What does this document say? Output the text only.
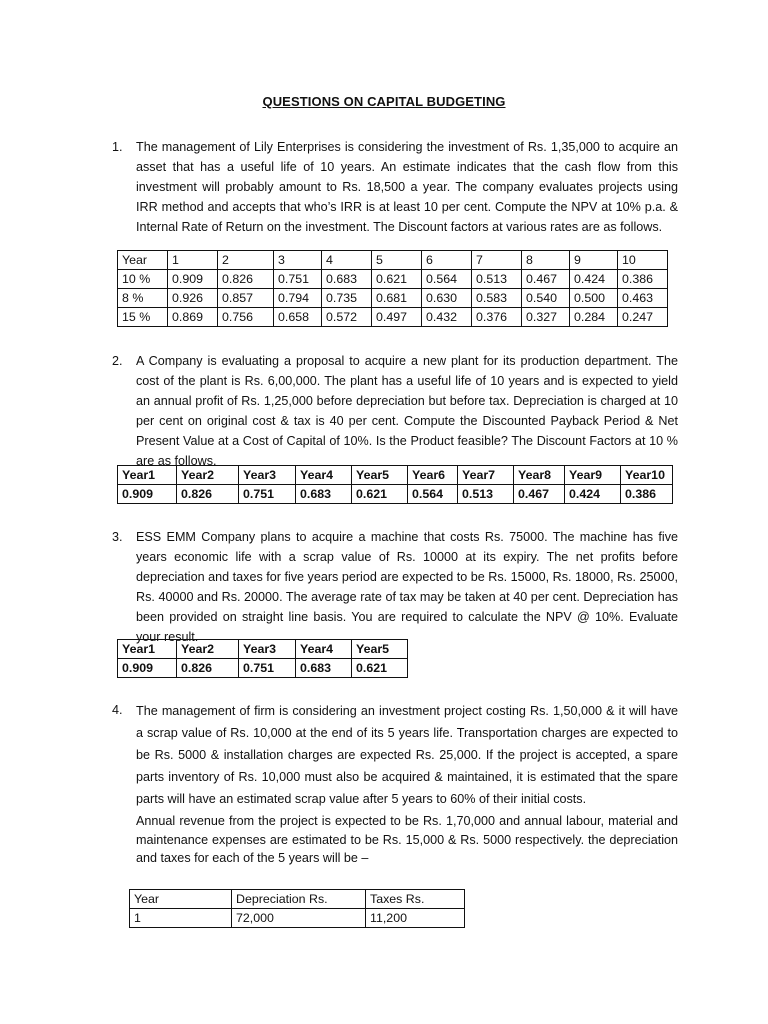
QUESTIONS ON CAPITAL BUDGETING
1.	The management of Lily Enterprises is considering the investment of Rs. 1,35,000 to acquire an asset that has a useful life of 10 years. An estimate indicates that the cash flow from this investment will probably amount to Rs. 18,500 a year. The company evaluates projects using IRR method and accepts that who’s IRR is at least 10 per cent. Compute the NPV at 10% p.a. & Internal Rate of Return on the investment. The Discount factors at various rates are as follows.

Year	1	2	3	4	5	6	7	8	9	10
10 %	0.909	0.826	0.751	0.683	0.621	0.564	0.513	0.467	0.424	0.386
8 %	0.926	0.857	0.794	0.735	0.681	0.630	0.583	0.540	0.500	0.463
15 %	0.869	0.756	0.658	0.572	0.497	0.432	0.376	0.327	0.284	0.247
2.	A Company is evaluating a proposal to acquire a new plant for its production department. The cost of the plant is Rs. 6,00,000. The plant has a useful life of 10 years and is expected to yield an annual profit of Rs. 1,25,000 before depreciation but before tax. Depreciation is charged at 10 per cent on original cost & tax is 40 per cent. Compute the Discounted Payback Period & Net Present Value at a Cost of Capital of 10%. Is the Product feasible? The Discount Factors at 10 % are as follows.

Year1	Year2	Year3	Year4	Year5	Year6	Year7	Year8	Year9	Year10
0.909	0.826	0.751	0.683	0.621	0.564	0.513	0.467	0.424	0.386
3.	ESS EMM Company plans to acquire a machine that costs Rs. 75000. The machine has five years economic life with a scrap value of Rs. 10000 at its expiry. The net profits before depreciation and taxes for five years period are expected to be Rs. 15000, Rs. 18000, Rs. 25000, Rs. 40000 and Rs. 20000. The average rate of tax may be taken at 40 per cent. Depreciation has been provided on straight line basis. You are required to calculate the NPV @ 10%. Evaluate your result.

Year1	Year2	Year3	Year4	Year5
0.909	0.826	0.751	0.683	0.621
4.	The management of firm is considering an investment project costing Rs. 1,50,000 & it will have a scrap value of Rs. 10,000 at the end of its 5 years life. Transportation charges are expected to be Rs. 5000 & installation charges are expected Rs. 25,000. If the project is accepted, a spare parts inventory of Rs. 10,000 must also be acquired & maintained, it is estimated that the spare parts will have an estimated scrap value after 5 years to 60% of their initial costs.

Annual revenue from the project is expected to be Rs. 1,70,000 and annual labour, material and maintenance expenses are estimated to be Rs. 15,000 & Rs. 5000 respectively. the depreciation and taxes for each of the 5 years will be –

Year	Depreciation Rs.	Taxes Rs.
1	72,000	11,200
